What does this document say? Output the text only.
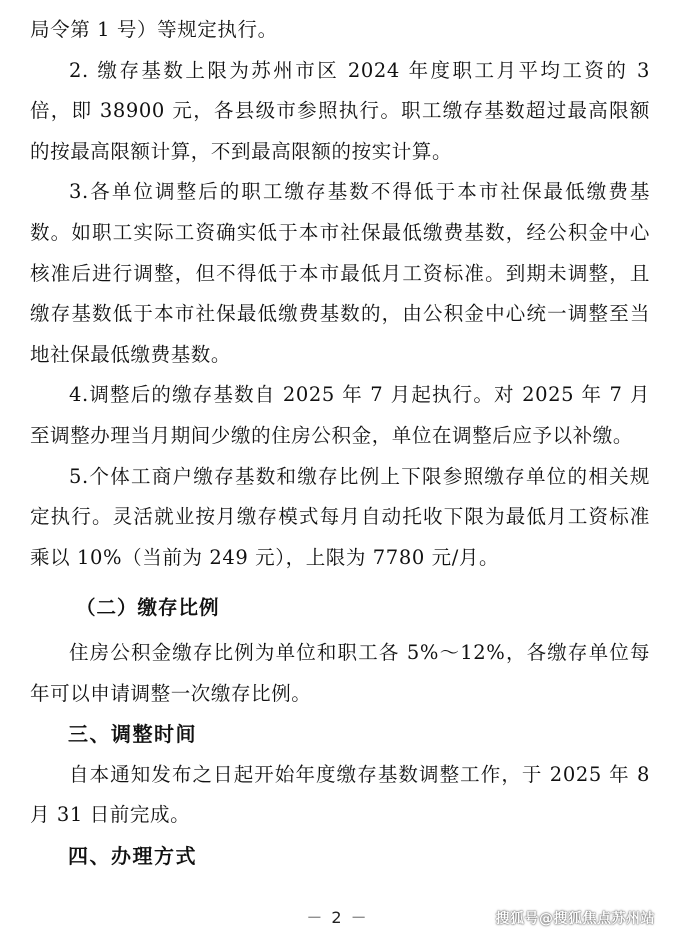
局令第 1 号）等规定执行。

2. 缴存基数上限为苏州市区 2024 年度职工月平均工资的 3 倍，即 38900 元，各县级市参照执行。职工缴存基数超过最高限额的按最高限额计算，不到最高限额的按实计算。

3.各单位调整后的职工缴存基数不得低于本市社保最低缴费基数。如职工实际工资确实低于本市社保最低缴费基数，经公积金中心核准后进行调整，但不得低于本市最低月工资标准。到期未调整，且缴存基数低于本市社保最低缴费基数的，由公积金中心统一调整至当地社保最低缴费基数。

4.调整后的缴存基数自 2025 年 7 月起执行。对 2025 年 7 月至调整办理当月期间少缴的住房公积金，单位在调整后应予以补缴。

5.个体工商户缴存基数和缴存比例上下限参照缴存单位的相关规定执行。灵活就业按月缴存模式每月自动托收下限为最低月工资标准乘以 10%（当前为 249 元），上限为 7780 元/月。

（二）缴存比例

住房公积金缴存比例为单位和职工各 5%～12%，各缴存单位每年可以申请调整一次缴存比例。

三、调整时间

自本通知发布之日起开始年度缴存基数调整工作，于 2025 年 8 月 31 日前完成。

四、办理方式
－ 2 －	搜狐号@搜狐焦点苏州站
